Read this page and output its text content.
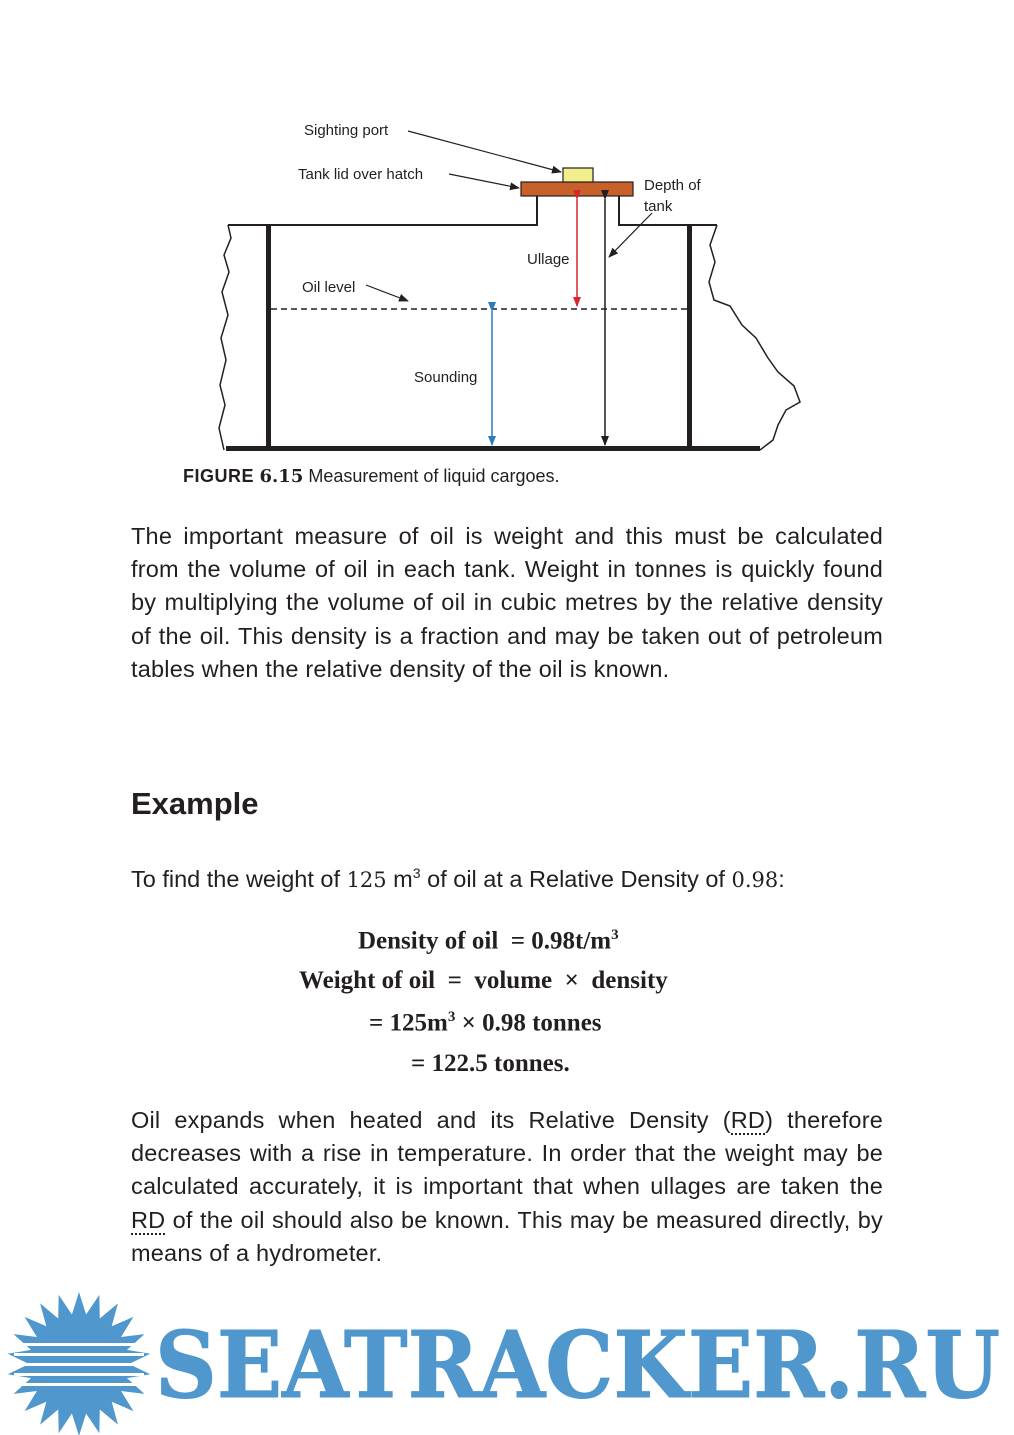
Sighting port
Tank lid over hatch
Depth of
tank
Ullage
Oil level
Sounding
FIGURE 6.15 Measurement of liquid cargoes.

The important measure of oil is weight and this must be calculated from the volume of oil in each tank. Weight in tonnes is quickly found by multiplying the volume of oil in cubic metres by the relative density of the oil. This density is a fraction and may be taken out of petroleum tables when the relative density of the oil is known.

Example

To find the weight of 125 $m^3$ of oil at a Relative Density of 0.98:

Density of oil  = $0.98t/m^3$

Weight of oil  =  volume  ×  density

= $125m^3 \times 0.98$ tonnes

= 122.5 tonnes.

Oil expands when heated and its Relative Density (RD) therefore decreases with a rise in temperature. In order that the weight may be calculated accurately, it is important that when ullages are taken the RD of the oil should also be known. This may be measured directly, by means of a hydrometer.

SEATRACKER.RU
